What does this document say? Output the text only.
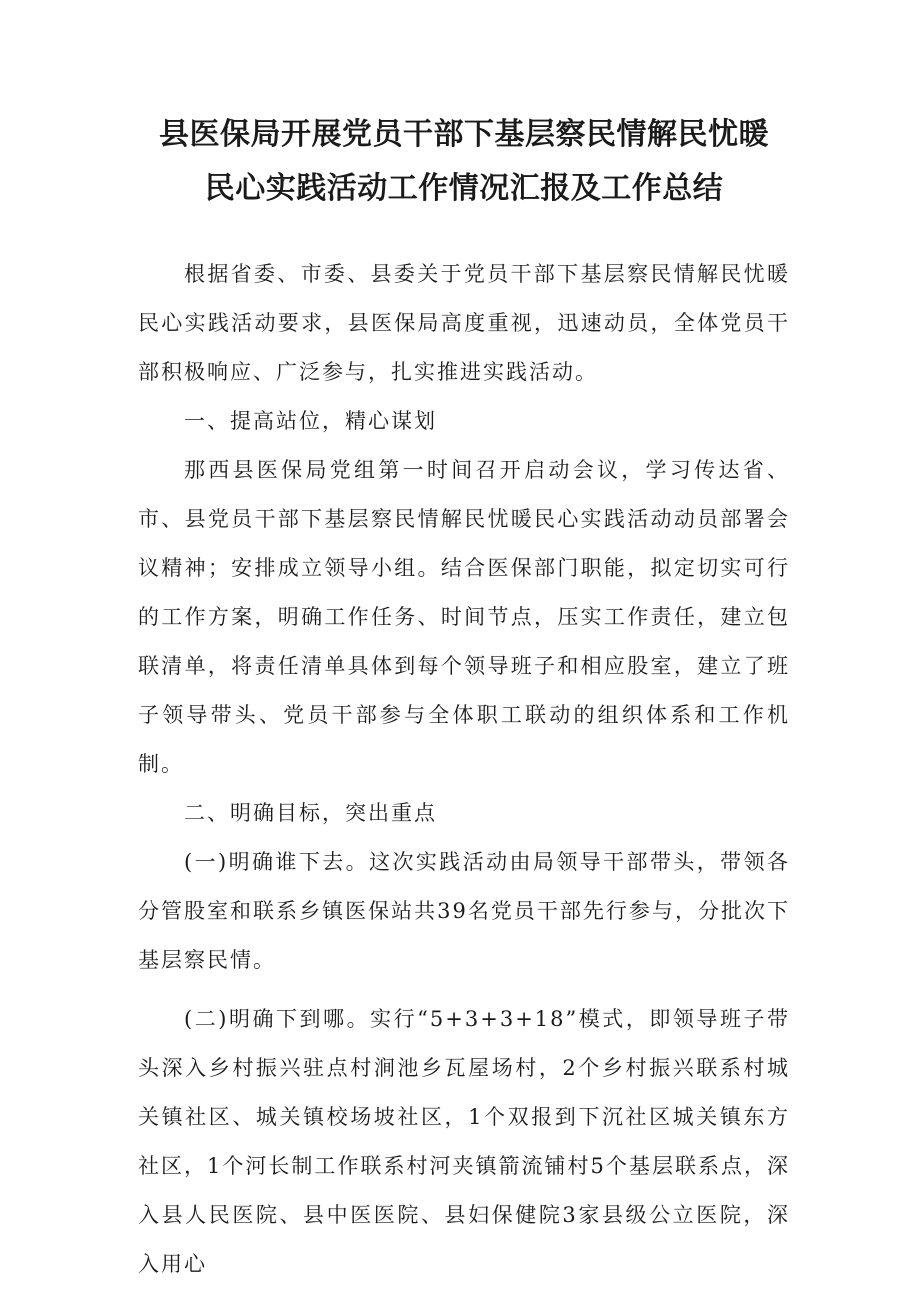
县医保局开展党员干部下基层察民情解民忧暖
民心实践活动工作情况汇报及工作总结

根据省委、市委、县委关于党员干部下基层察民情解民忧暖民心实践活动要求，县医保局高度重视，迅速动员，全体党员干部积极响应、广泛参与，扎实推进实践活动。

一、提高站位，精心谋划

那西县医保局党组第一时间召开启动会议，学习传达省、市、县党员干部下基层察民情解民忧暖民心实践活动动员部署会议精神；安排成立领导小组。结合医保部门职能，拟定切实可行的工作方案，明确工作任务、时间节点，压实工作责任，建立包联清单，将责任清单具体到每个领导班子和相应股室，建立了班子领导带头、党员干部参与全体职工联动的组织体系和工作机制。

二、明确目标，突出重点

(一)明确谁下去。这次实践活动由局领导干部带头，带领各分管股室和联系乡镇医保站共39名党员干部先行参与，分批次下基层察民情。

(二)明确下到哪。实行“5+3+3+18”模式，即领导班子带头深入乡村振兴驻点村涧池乡瓦屋场村，2个乡村振兴联系村城关镇社区、城关镇校场坡社区，1个双报到下沉社区城关镇东方社区，1个河长制工作联系村河夹镇箭流铺村5个基层联系点，深入县人民医院、县中医医院、县妇保健院3家县级公立医院，深入用心
